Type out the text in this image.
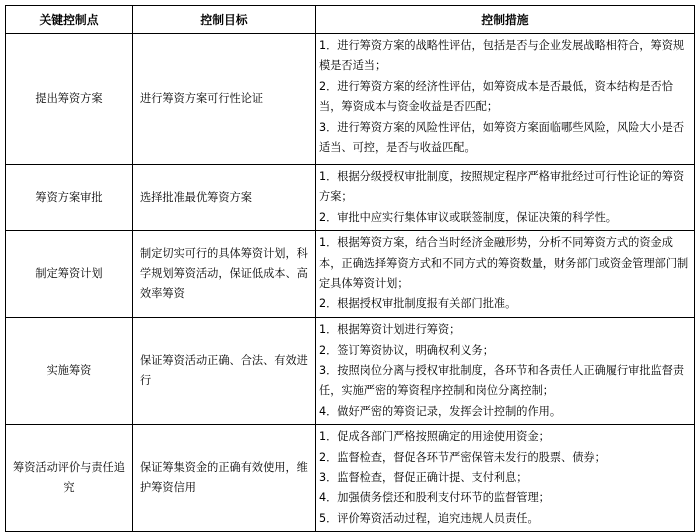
关键控制点	控制目标	控制措施
提出筹资方案	进行筹资方案可行性论证	1．进行筹资方案的战略性评估，包括是否与企业发展战略相符合，筹资规模是否适当；
2．进行筹资方案的经济性评估，如筹资成本是否最低，资本结构是否恰当，筹资成本与资金收益是否匹配；
3．进行筹资方案的风险性评估，如筹资方案面临哪些风险，风险大小是否适当、可控，是否与收益匹配。

筹资方案审批	选择批准最优筹资方案	1．根据分级授权审批制度，按照规定程序严格审批经过可行性论证的筹资方案；
2．审批中应实行集体审议或联签制度，保证决策的科学性。

制定筹资计划	制定切实可行的具体筹资计划，科学规划筹资活动，保证低成本、高效率筹资	1．根据筹资方案，结合当时经济金融形势，分析不同筹资方式的资金成本，正确选择筹资方式和不同方式的筹资数量，财务部门或资金管理部门制定具体筹资计划；
2．根据授权审批制度报有关部门批准。

实施筹资	保证筹资活动正确、合法、有效进行	1．根据筹资计划进行筹资；
2．签订筹资协议，明确权利义务；
3．按照岗位分离与授权审批制度，各环节和各责任人正确履行审批监督责任，实施严密的筹资程序控制和岗位分离控制；
4．做好严密的筹资记录，发挥会计控制的作用。

筹资活动评价与责任追究	保证筹集资金的正确有效使用，维护筹资信用	1．促成各部门严格按照确定的用途使用资金；
2．监督检查，督促各环节严密保管未发行的股票、债券；
3．监督检查，督促正确计提、支付利息；
4．加强债务偿还和股利支付环节的监督管理；
5．评价筹资活动过程，追究违规人员责任。
